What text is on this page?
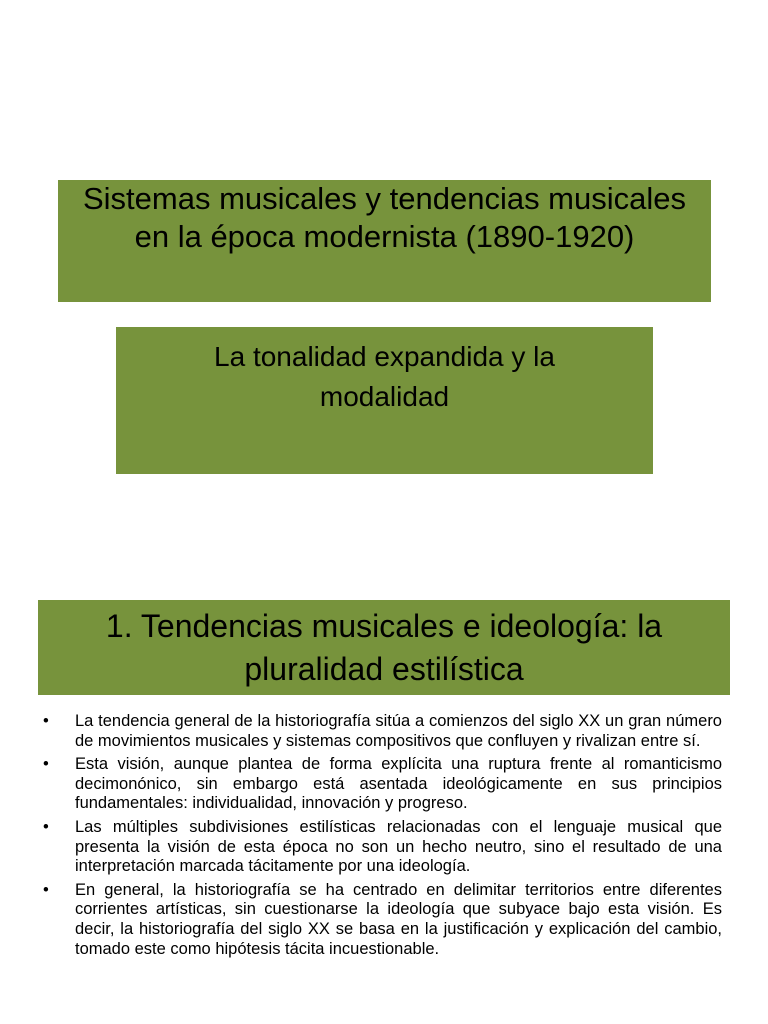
Sistemas musicales y tendencias musicales en la época modernista (1890-1920)
La tonalidad expandida y la modalidad
1. Tendencias musicales e ideología: la pluralidad estilística
• La tendencia general de la historiografía sitúa a comienzos del siglo XX un gran número de movimientos musicales y sistemas compositivos que confluyen y rivalizan entre sí.
• Esta visión, aunque plantea de forma explícita una ruptura frente al romanticismo decimonónico, sin embargo está asentada ideológicamente en sus principios fundamentales: individualidad, innovación y progreso.
• Las múltiples subdivisiones estilísticas relacionadas con el lenguaje musical que presenta la visión de esta época no son un hecho neutro, sino el resultado de una interpretación marcada tácitamente por una ideología.
• En general, la historiografía se ha centrado en delimitar territorios entre diferentes corrientes artísticas, sin cuestionarse la ideología que subyace bajo esta visión. Es decir, la historiografía del siglo XX se basa en la justificación y explicación del cambio, tomado este como hipótesis tácita incuestionable.
